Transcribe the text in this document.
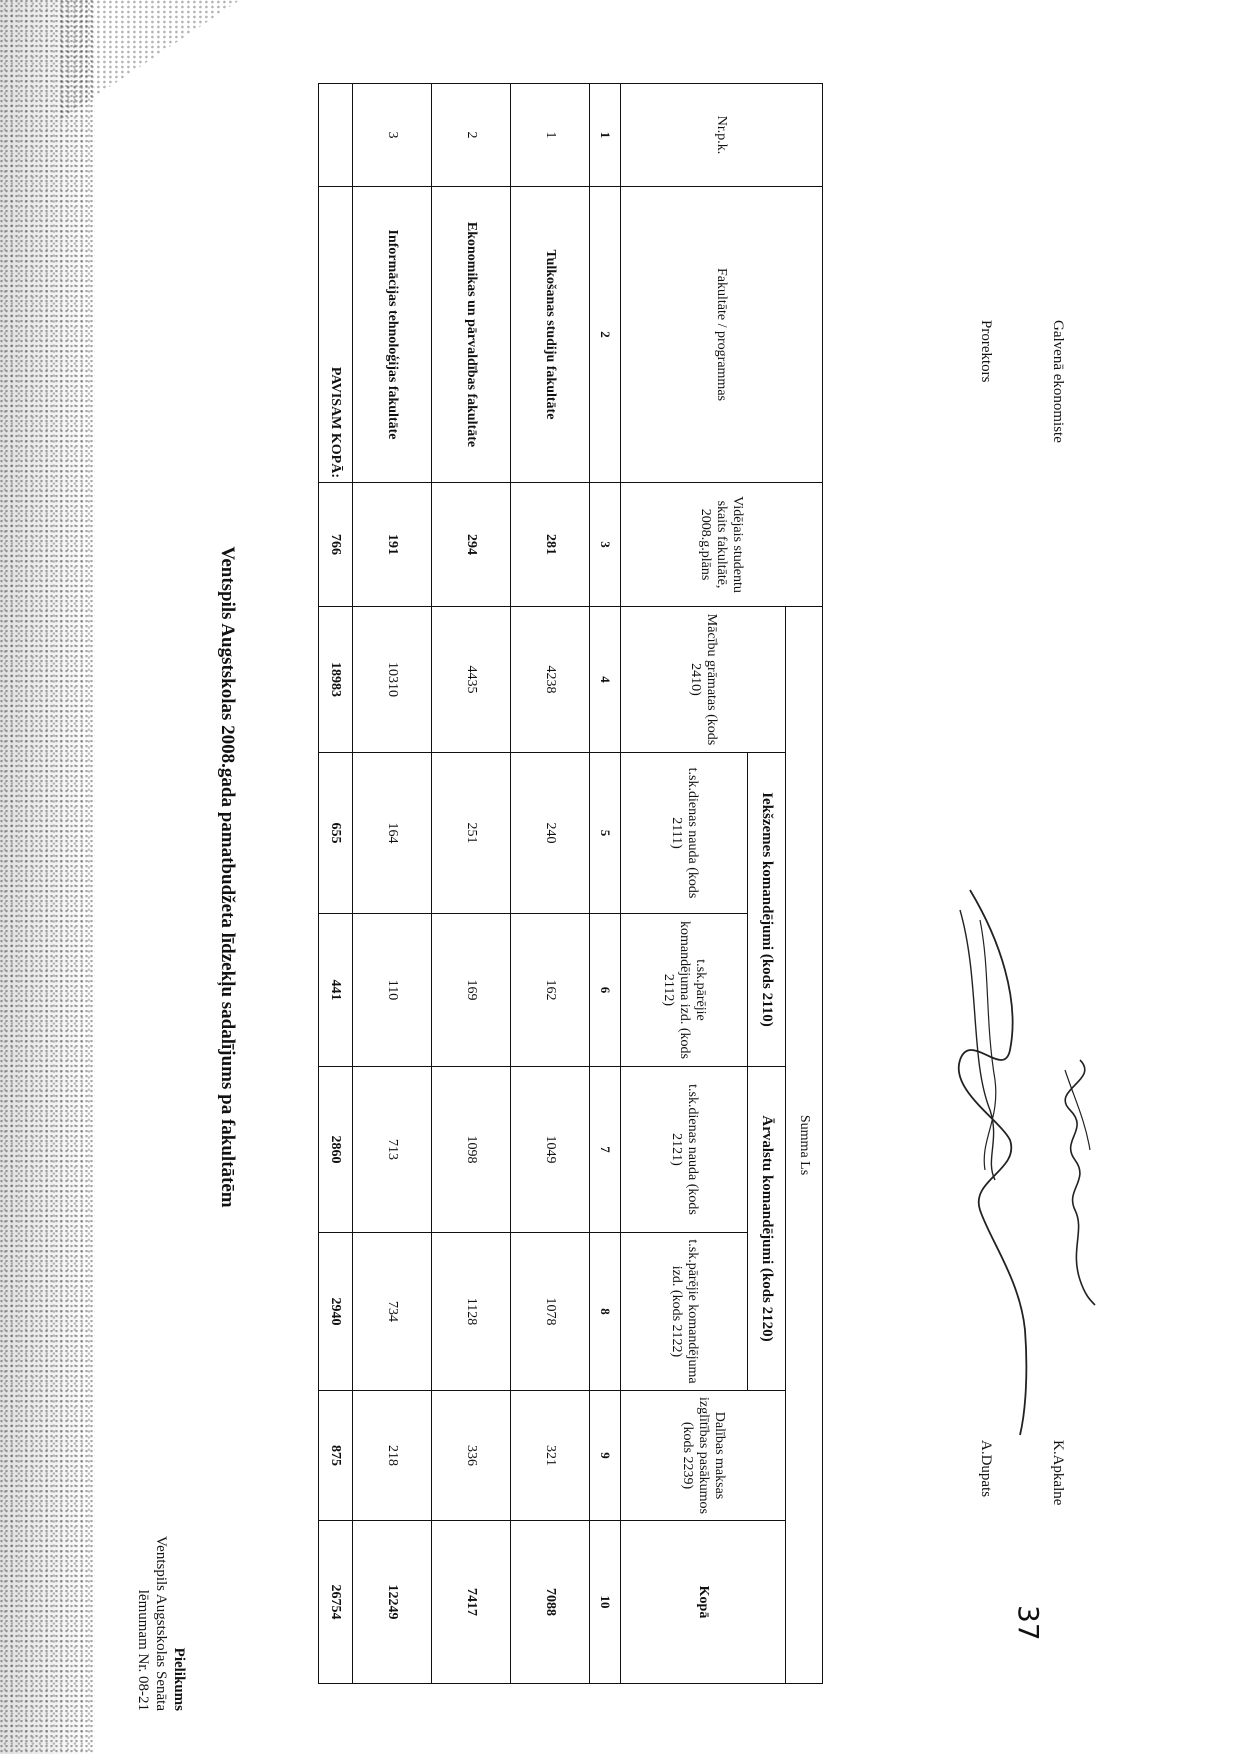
Pielikums
Ventspils Augstskolas Senāta
lēmumam Nr. 08-21
Ventspils Augstskolas 2008.gada pamatbudžeta līdzekļu sadalījums pa fakultātēm
Nr.p.k.	Fakultāte / programmas	Vidējais studentu skaits fakultātē, 2008.g.plāns	Summa Ls						
			Mācību grāmatas (kods 2410)	Iekšzemes komandējumi (kods 2110)		Ārvalstu komandējumi (kods 2120)		Dalības maksas izglītības pasākumos (kods 2239)	Kopā
				t.sk.dienas nauda (kods 2111)	t.sk.pārējie komandējuma izd. (kods 2112)	t.sk.dienas nauda (kods 2121)	t.sk.pārējie komandējuma izd. (kods 2122)		
1	2	3	4	5	6	7	8	9	10
1	Tulkošanas studiju fakultāte	281	4238	240	162	1049	1078	321	7088
2	Ekonomikas un pārvaldības fakultāte	294	4435	251	169	1098	1128	336	7417
3	Informācijas tehnoloģijas fakultāte	191	10310	164	110	713	734	218	12249
	PAVISAM KOPĀ:	766	18983	655	441	2860	2940	875	26754
Prorektors
A.Dupats
Galvenā ekonomiste
K.Apkalne
37
